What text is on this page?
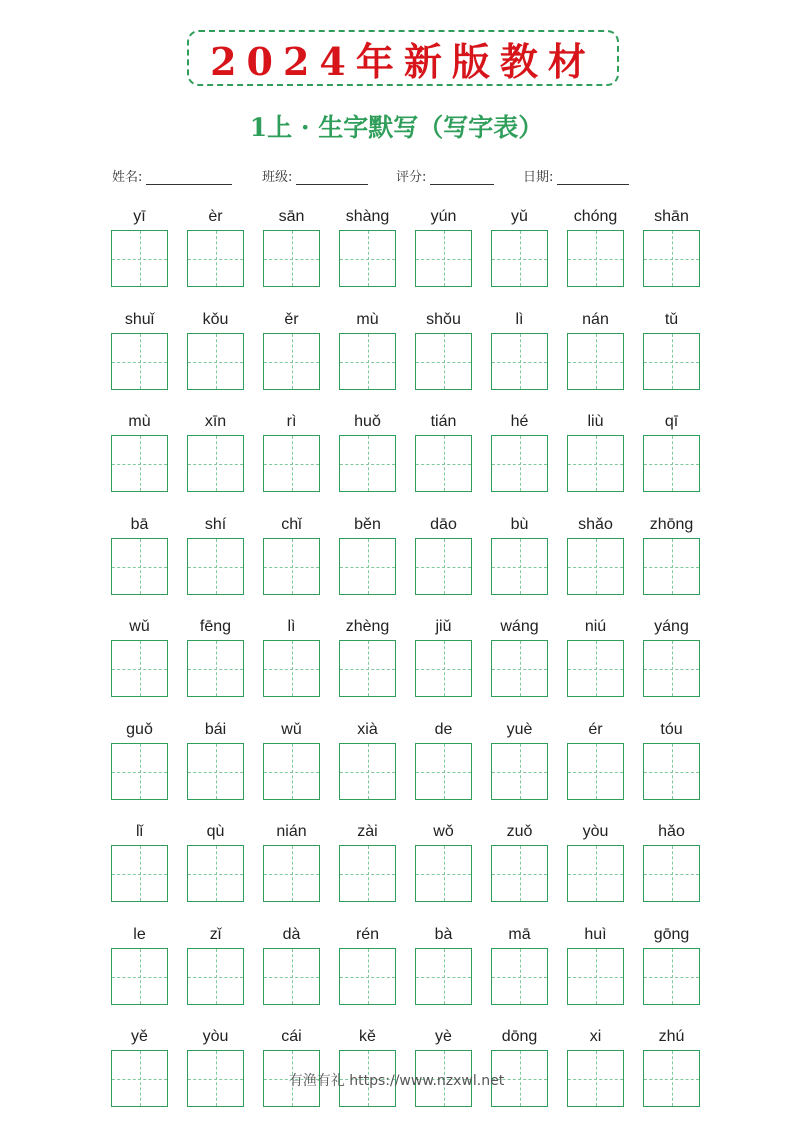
2024年新版教材
1上 · 生字默写（写字表）
姓名:	班级:	评分:	日期:
yī	èr	sān	shàng	yún	yǔ	chóng	shān
shuǐ	kǒu	ěr	mù	shǒu	lì	nán	tǔ
mù	xīn	rì	huǒ	tián	hé	liù	qī
bā	shí	chǐ	běn	dāo	bù	shǎo	zhōng
wǔ	fēng	lì	zhèng	jiǔ	wáng	niú	yáng
guǒ	bái	wǔ	xià	de	yuè	ér	tóu
lǐ	qù	nián	zài	wǒ	zuǒ	yòu	hǎo
le	zǐ	dà	rén	bà	mā	huì	gōng
yě	yòu	cái	kě	yè	dōng	xi	zhú
有渔有礼 https://www.nzxwl.net
